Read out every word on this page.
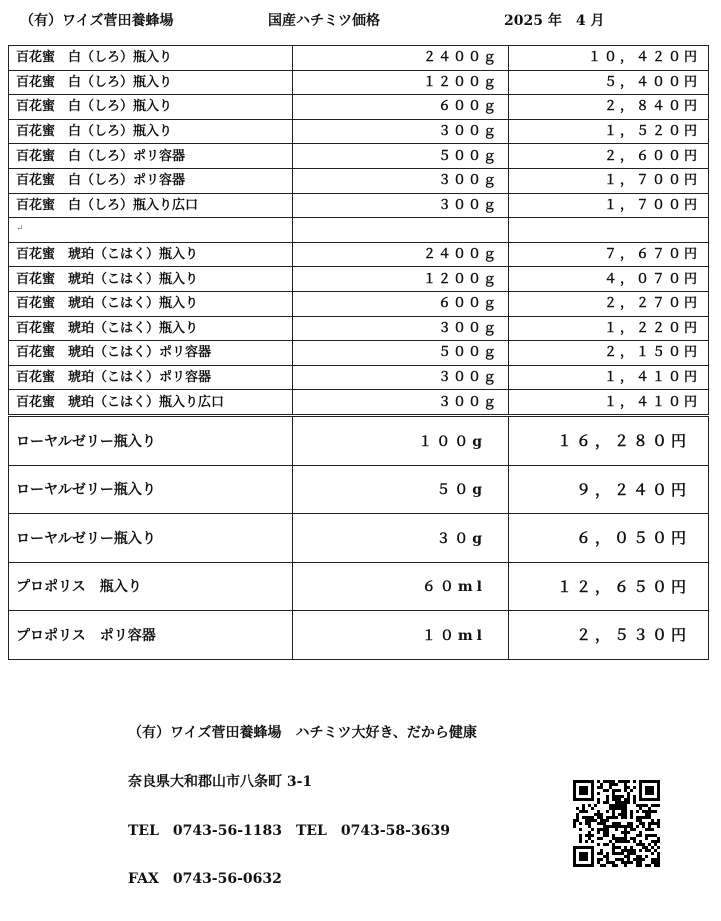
（有）ワイズ菅田養蜂場	国産ハチミツ価格	2025 年　4 月
百花蜜　白（しろ）瓶入り	２４００ｇ	１０，４２０円
百花蜜　白（しろ）瓶入り	１２００ｇ	５，４００円
百花蜜　白（しろ）瓶入り	６００ｇ	２，８４０円
百花蜜　白（しろ）瓶入り	３００ｇ	１，５２０円
百花蜜　白（しろ）ポリ容器	５００ｇ	２，６００円
百花蜜　白（しろ）ポリ容器	３００ｇ	１，７００円
百花蜜　白（しろ）瓶入り広口	３００ｇ	１，７００円
↵		
百花蜜　琥珀（こはく）瓶入り	２４００ｇ	７，６７０円
百花蜜　琥珀（こはく）瓶入り	１２００ｇ	４，０７０円
百花蜜　琥珀（こはく）瓶入り	６００ｇ	２，２７０円
百花蜜　琥珀（こはく）瓶入り	３００ｇ	１，２２０円
百花蜜　琥珀（こはく）ポリ容器	５００ｇ	２，１５０円
百花蜜　琥珀（こはく）ポリ容器	３００ｇ	１，４１０円
百花蜜　琥珀（こはく）瓶入り広口	３００ｇ	１，４１０円
ローヤルゼリー瓶入り	１００g	１６，２８０円
ローヤルゼリー瓶入り	５０g	９，２４０円
ローヤルゼリー瓶入り	３０g	６，０５０円
プロポリス　瓶入り	６０ml	１２，６５０円
プロポリス　ポリ容器	１０ml	２，５３０円
（有）ワイズ菅田養蜂場　ハチミツ大好き、だから健康
奈良県大和郡山市八条町 3-1
TEL　0743-56-1183　TEL　0743-58-3639
FAX　0743-56-0632
